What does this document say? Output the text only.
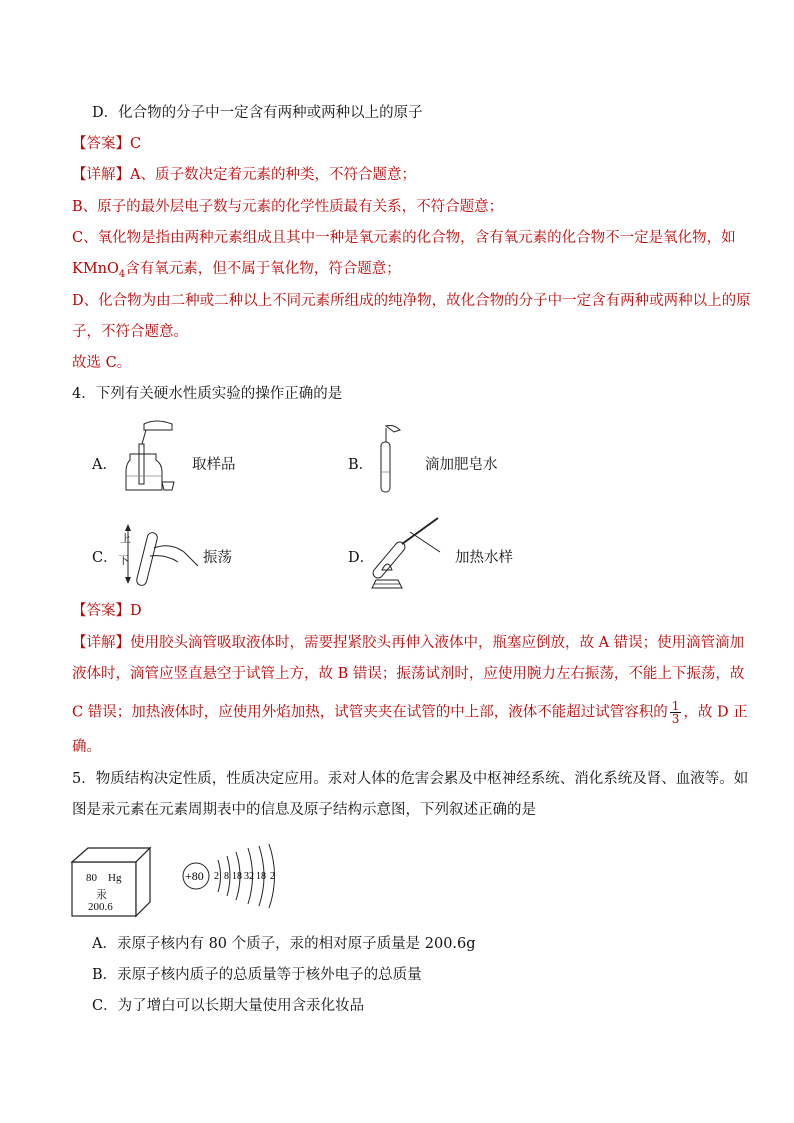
D．化合物的分子中一定含有两种或两种以上的原子
【答案】C
【详解】A、质子数决定着元素的种类，不符合题意；
B、原子的最外层电子数与元素的化学性质最有关系，不符合题意；
C、氧化物是指由两种元素组成且其中一种是氧元素的化合物，含有氧元素的化合物不一定是氧化物，如
KMnO$_4$含有氧元素，但不属于氧化物，符合题意；
D、化合物为由二种或二种以上不同元素所组成的纯净物，故化合物的分子中一定含有两种或两种以上的原
子，不符合题意。
故选 C。
4．下列有关硬水性质实验的操作正确的是
A．	取样品	B．	滴加肥皂水
C．
上
下	振荡	D．	加热水样
【答案】D
【详解】使用胶头滴管吸取液体时，需要捏紧胶头再伸入液体中，瓶塞应倒放，故 A 错误；使用滴管滴加
液体时，滴管应竖直悬空于试管上方，故 B 错误；振荡试剂时，应使用腕力左右振荡，不能上下振荡，故
C 错误；加热液体时，应使用外焰加热，试管夹夹在试管的中上部，液体不能超过试管容积的 $\frac{1}{3}$ ，故 D 正
确。
5．物质结构决定性质，性质决定应用。汞对人体的危害会累及中枢神经系统、消化系统及肾、血液等。如
图是汞元素在元素周期表中的信息及原子结构示意图，下列叙述正确的是
80 Hg
汞
200.6
+80 2 8 18 32 18 2
A．汞原子核内有 80 个质子，汞的相对原子质量是 200.6g
B．汞原子核内质子的总质量等于核外电子的总质量
C．为了增白可以长期大量使用含汞化妆品
